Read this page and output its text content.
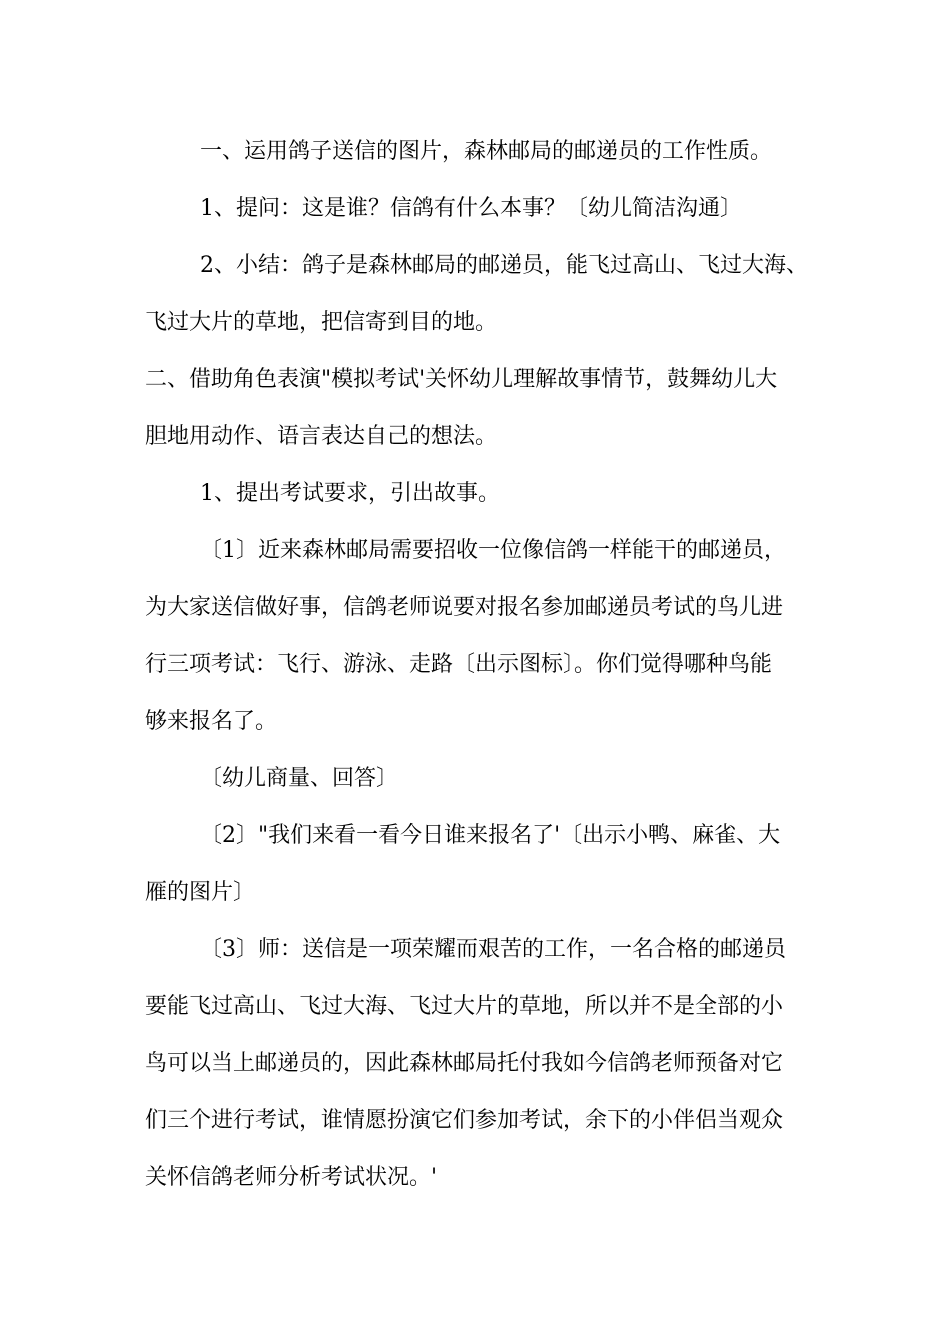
一、运用鸽子送信的图片，森林邮局的邮递员的工作性质。

1、提问：这是谁？信鸽有什么本事？〔幼儿简洁沟通〕

2、小结：鸽子是森林邮局的邮递员，能飞过高山、飞过大海、

飞过大片的草地，把信寄到目的地。

二、借助角色表演"模拟考试'关怀幼儿理解故事情节，鼓舞幼儿大

胆地用动作、语言表达自己的想法。

1、提出考试要求，引出故事。

〔1〕近来森林邮局需要招收一位像信鸽一样能干的邮递员，

为大家送信做好事，信鸽老师说要对报名参加邮递员考试的鸟儿进

行三项考试：飞行、游泳、走路〔出示图标〕。你们觉得哪种鸟能

够来报名了。

〔幼儿商量、回答〕

〔2〕"我们来看一看今日谁来报名了'〔出示小鸭、麻雀、大

雁的图片〕

〔3〕师：送信是一项荣耀而艰苦的工作，一名合格的邮递员

要能飞过高山、飞过大海、飞过大片的草地，所以并不是全部的小

鸟可以当上邮递员的，因此森林邮局托付我如今信鸽老师预备对它

们三个进行考试，谁情愿扮演它们参加考试，余下的小伴侣当观众

关怀信鸽老师分析考试状况。'
